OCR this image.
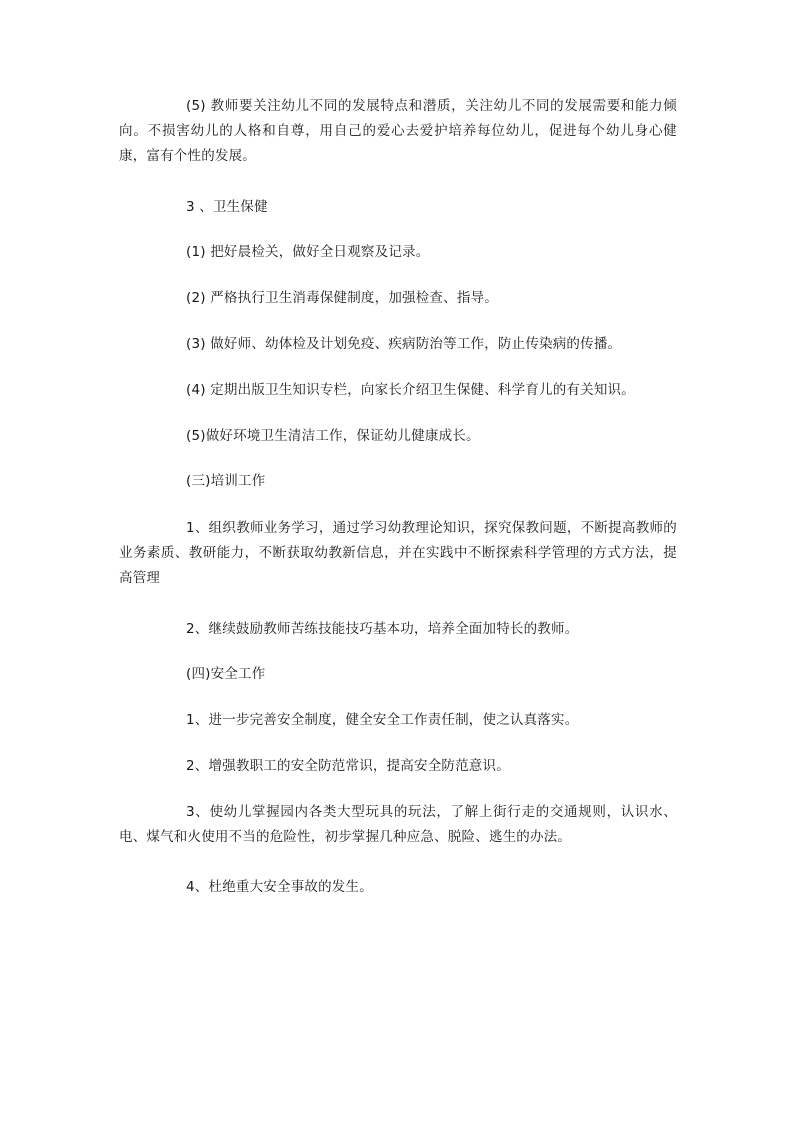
(5) 教师要关注幼儿不同的发展特点和潜质，关注幼儿不同的发展需要和能力倾向。不损害幼儿的人格和自尊，用自己的爱心去爱护培养每位幼儿，促进每个幼儿身心健康，富有个性的发展。

3 、卫生保健

(1) 把好晨检关，做好全日观察及记录。

(2) 严格执行卫生消毒保健制度，加强检查、指导。

(3) 做好师、幼体检及计划免疫、疾病防治等工作，防止传染病的传播。

(4) 定期出版卫生知识专栏，向家长介绍卫生保健、科学育儿的有关知识。

(5)做好环境卫生清洁工作，保证幼儿健康成长。

(三)培训工作

1、组织教师业务学习，通过学习幼教理论知识，探究保教问题，不断提高教师的业务素质、教研能力，不断获取幼教新信息，并在实践中不断探索科学管理的方式方法，提高管理

2、继续鼓励教师苦练技能技巧基本功，培养全面加特长的教师。

(四)安全工作

1、进一步完善安全制度，健全安全工作责任制，使之认真落实。

2、增强教职工的安全防范常识，提高安全防范意识。

3、使幼儿掌握园内各类大型玩具的玩法，了解上街行走的交通规则，认识水、电、煤气和火使用不当的危险性，初步掌握几种应急、脱险、逃生的办法。

4、杜绝重大安全事故的发生。
